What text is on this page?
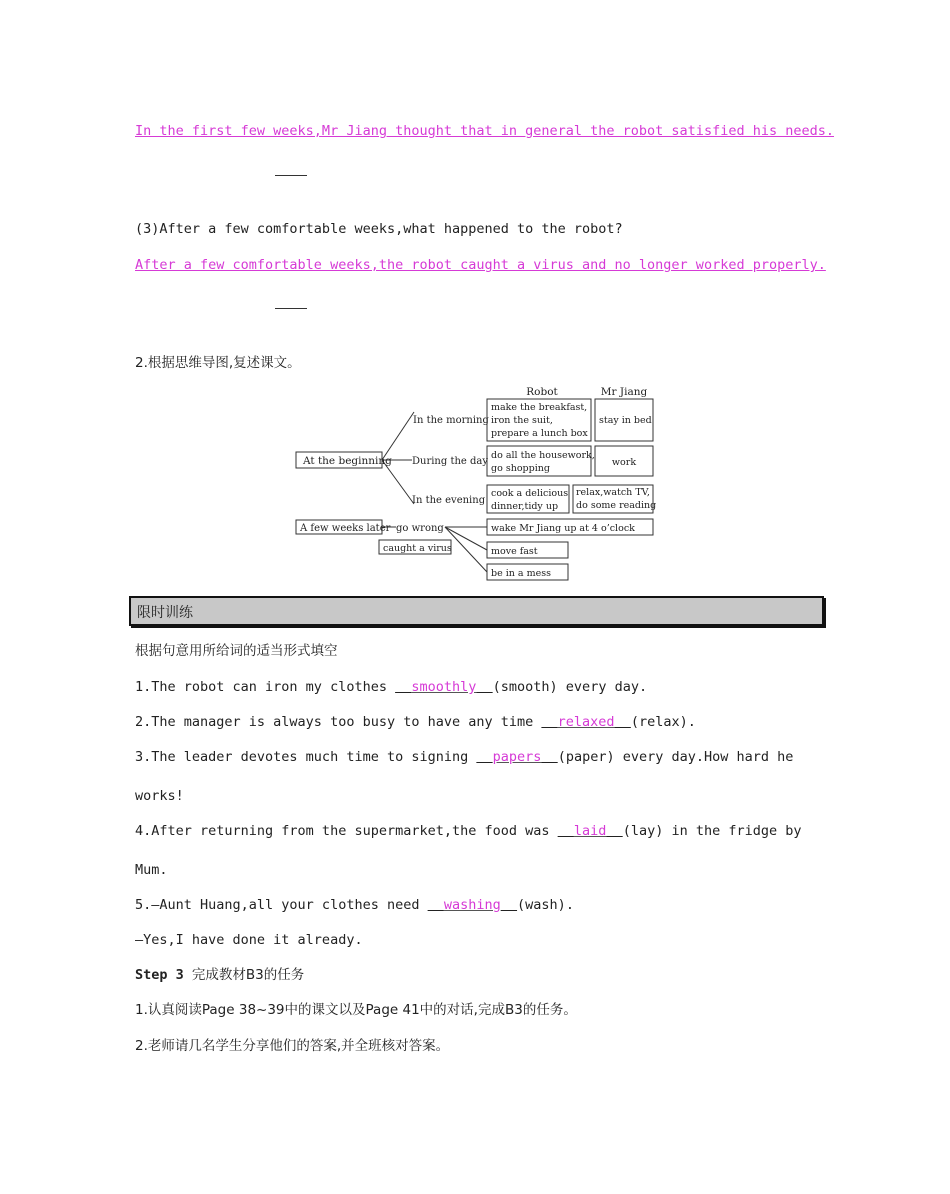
In the first few weeks,Mr Jiang thought that in general the robot satisfied his needs.
(3)After a few comfortable weeks,what happened to the robot?
After a few comfortable weeks,the robot caught a virus and no longer worked properly.
2.根据思维导图,复述课文。
Robot	Mr Jiang
At the beginning
In the morning
During the day
In the evening
make the breakfast,
iron the suit,
prepare a lunch box
stay in bed
do all the housework,
go shopping
work
cook a delicious
dinner,tidy up
relax,watch TV,
do some reading
A few weeks later go wrong
caught a virus
wake Mr Jiang up at 4 o’clock
move fast
be in a mess
限时训练
根据句意用所给词的适当形式填空
1.The robot can iron my clothes   smoothly (smooth) every day.
2.The manager is always too busy to have any time   relaxed (relax).
3.The leader devotes much time to signing   papers (paper) every day.How hard he
works!
4.After returning from the supermarket,the food was   laid (lay) in the fridge by
Mum.
5.—Aunt Huang,all your clothes need   washing (wash).
—Yes,I have done it already.
Step 3 完成教材B3的任务
1.认真阅读Page 38~39中的课文以及Page 41中的对话,完成B3的任务。
2.老师请几名学生分享他们的答案,并全班核对答案。
